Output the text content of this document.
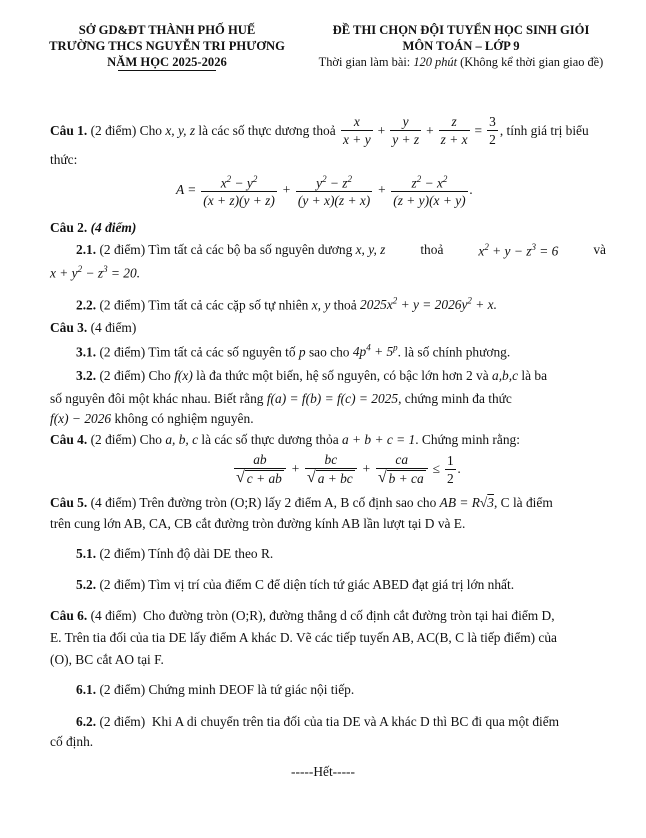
SỞ GD&ĐT THÀNH PHỐ HUẾ
TRƯỜNG THCS NGUYỄN TRI PHƯƠNG
NĂM HỌC 2025-2026
ĐỀ THI CHỌN ĐỘI TUYỂN HỌC SINH GIỎI
MÔN TOÁN – LỚP 9
Thời gian làm bài: 120 phút (Không kể thời gian giao đề)
Câu 1. (2 điểm) Cho x, y, z là các số thực dương thoả $\frac{x}{x + y} + \frac{y}{y + z} + \frac{z}{z + x} = \frac{3}{2}$ , tính giá trị biểu
thức:
$A = \frac{x^2 - y^2}{(x + z)(y + z)} + \frac{y^2 - z^2}{(y + x)(z + x)} + \frac{z^2 - x^2}{(z + y)(x + y)}$ .
Câu 2. (4 điểm)
2.1. (2 điểm) Tìm tất cả các bộ ba số nguyên dương x, y, z	thoả	$x^2 + y - z^3 = 6$	và
$x + y^2 - z^3 = 20$.
2.2. (2 điểm) Tìm tất cả các cặp số tự nhiên x, y thoả $2025x^2 + y = 2026y^2 + x$.
Câu 3. (4 điểm)
3.1. (2 điểm) Tìm tất cả các số nguyên tố p sao cho $4p^4 + 5^p$. là số chính phương.
3.2. (2 điểm) Cho f(x) là đa thức một biến, hệ số nguyên, có bậc lớn hơn 2 và a,b,c là ba
số nguyên đôi một khác nhau. Biết rằng f(a) = f(b) = f(c) = 2025, chứng minh đa thức
f(x) − 2026 không có nghiệm nguyên.
Câu 4. (2 điểm) Cho a, b, c là các số thực dương thỏa a + b + c = 1. Chứng minh rằng:
$\frac{ab}{√ c + ab} + \frac{bc}{√ a + bc} + \frac{ca}{√ b + ca} \le \frac{1}{2}$ .
Câu 5. (4 điểm) Trên đường tròn (O;R) lấy 2 điểm A, B cố định sao cho AB = R√3, C là điểm
trên cung lớn AB, CA, CB cắt đường tròn đường kính AB lần lượt tại D và E.
5.1. (2 điểm) Tính độ dài DE theo R.
5.2. (2 điểm) Tìm vị trí của điểm C để diện tích tứ giác ABED đạt giá trị lớn nhất.
Câu 6. (4 điểm)  Cho đường tròn (O;R), đường thẳng d cố định cắt đường tròn tại hai điểm D,
E. Trên tia đối của tia DE lấy điểm A khác D. Vẽ các tiếp tuyến AB, AC(B, C là tiếp điểm) của
(O), BC cắt AO tại F.
6.1. (2 điểm) Chứng minh DEOF là tứ giác nội tiếp.
6.2. (2 điểm)  Khi A di chuyển trên tia đối của tia DE và A khác D thì BC đi qua một điểm
cố định.
-----Hết-----
